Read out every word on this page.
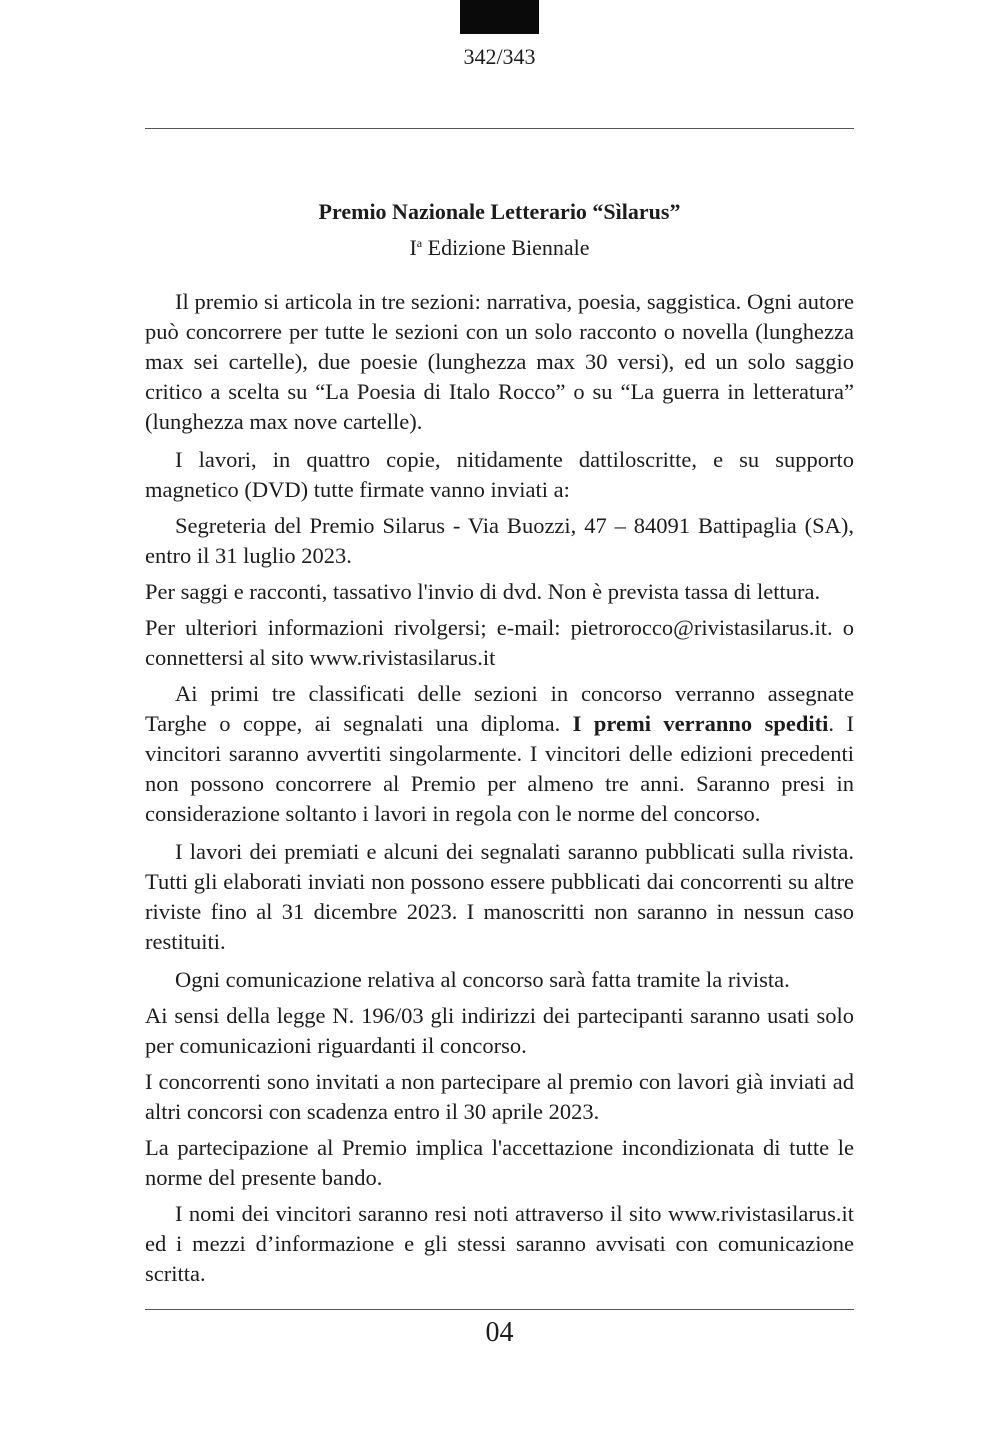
342/343
Premio Nazionale Letterario “Sìlarus”
$I^a$ Edizione Biennale

Il premio si articola in tre sezioni: narrativa, poesia, saggistica. Ogni autore può concorrere per tutte le sezioni con un solo racconto o novella (lunghezza max sei cartelle), due poesie (lunghezza max 30 versi), ed un solo saggio critico a scelta su “La Poesia di Italo Rocco” o su “La guerra in letteratura” (lunghezza max nove cartelle).

I lavori, in quattro copie, nitidamente dattiloscritte, e su supporto magnetico (DVD) tutte firmate vanno inviati a:

Segreteria del Premio Silarus - Via Buozzi, 47 – 84091 Battipaglia (SA), entro il 31 luglio 2023.

Per saggi e racconti, tassativo l'invio di dvd. Non è prevista tassa di lettura.

Per ulteriori informazioni rivolgersi; e-mail: pietrorocco@rivistasilarus.it. o connettersi al sito www.rivistasilarus.it

Ai primi tre classificati delle sezioni in concorso verranno assegnate Targhe o coppe, ai segnalati una diploma. I premi verranno spediti. I vincitori saranno avvertiti singolarmente. I vincitori delle edizioni precedenti non possono concorrere al Premio per almeno tre anni. Saranno presi in considerazione soltanto i lavori in regola con le norme del concorso.

I lavori dei premiati e alcuni dei segnalati saranno pubblicati sulla rivista. Tutti gli elaborati inviati non possono essere pubblicati dai concorrenti su altre riviste fino al 31 dicembre 2023. I manoscritti non saranno in nessun caso restituiti.

Ogni comunicazione relativa al concorso sarà fatta tramite la rivista.

Ai sensi della legge N. 196/03 gli indirizzi dei partecipanti saranno usati solo per comunicazioni riguardanti il concorso.

I concorrenti sono invitati a non partecipare al premio con lavori già inviati ad altri concorsi con scadenza entro il 30 aprile 2023.

La partecipazione al Premio implica l'accettazione incondizionata di tutte le norme del presente bando.

I nomi dei vincitori saranno resi noti attraverso il sito www.rivistasilarus.it ed i mezzi d’informazione e gli stessi saranno avvisati con comunicazione scritta.

04
